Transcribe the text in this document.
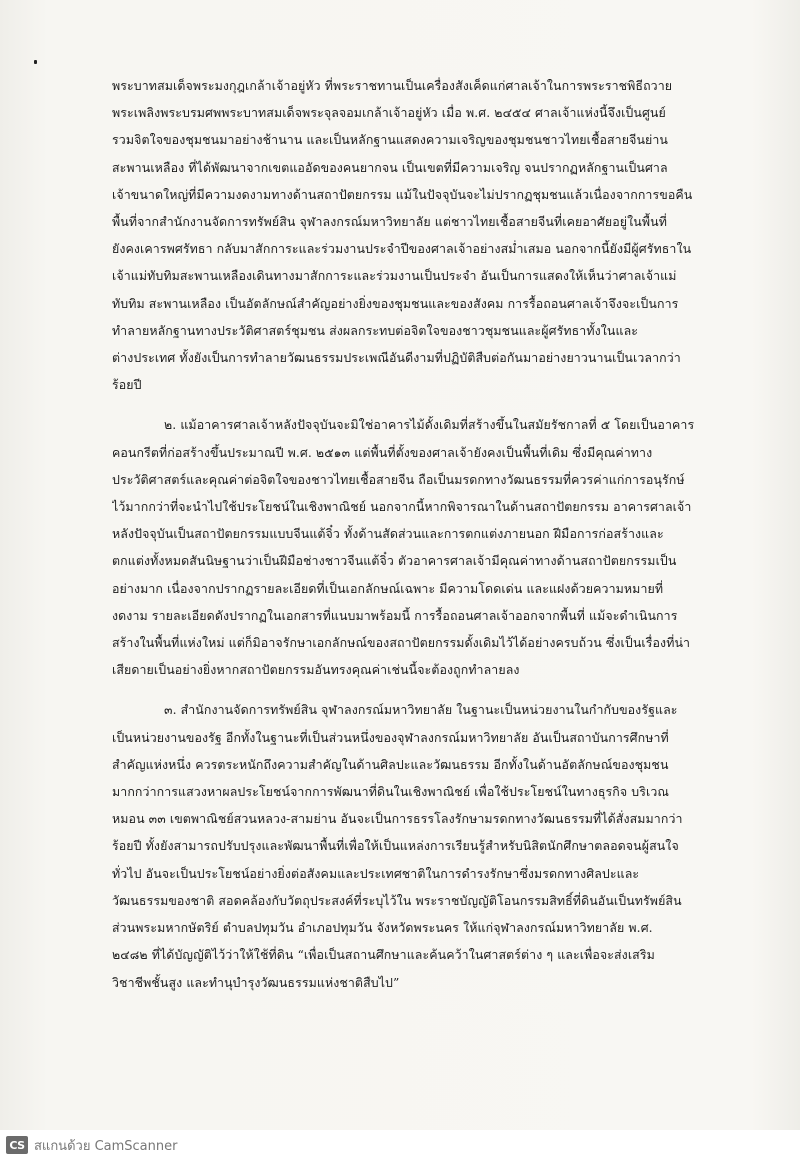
พระบาทสมเด็จพระมงกุฎเกล้าเจ้าอยู่หัว ที่พระราชทานเป็นเครื่องสังเค็ดแก่ศาลเจ้าในการพระราชพิธีถวาย
พระเพลิงพระบรมศพพระบาทสมเด็จพระจุลจอมเกล้าเจ้าอยู่หัว เมื่อ พ.ศ. ๒๔๕๔ ศาลเจ้าแห่งนี้จึงเป็นศูนย์
รวมจิตใจของชุมชนมาอย่างช้านาน และเป็นหลักฐานแสดงความเจริญของชุมชนชาวไทยเชื้อสายจีนย่าน
สะพานเหลือง ที่ได้พัฒนาจากเขตแออัดของคนยากจน เป็นเขตที่มีความเจริญ จนปรากฏหลักฐานเป็นศาล
เจ้าขนาดใหญ่ที่มีความงดงามทางด้านสถาปัตยกรรม แม้ในปัจจุบันจะไม่ปรากฏชุมชนแล้วเนื่องจากการขอคืน
พื้นที่จากสำนักงานจัดการทรัพย์สิน จุฬาลงกรณ์มหาวิทยาลัย แต่ชาวไทยเชื้อสายจีนที่เคยอาศัยอยู่ในพื้นที่
ยังคงเคารพศรัทธา กลับมาสักการะและร่วมงานประจำปีของศาลเจ้าอย่างสม่ำเสมอ นอกจากนี้ยังมีผู้ศรัทธาใน
เจ้าแม่ทับทิมสะพานเหลืองเดินทางมาสักการะและร่วมงานเป็นประจำ อันเป็นการแสดงให้เห็นว่าศาลเจ้าแม่
ทับทิม สะพานเหลือง เป็นอัตลักษณ์สำคัญอย่างยิ่งของชุมชนและของสังคม การรื้อถอนศาลเจ้าจึงจะเป็นการ
ทำลายหลักฐานทางประวัติศาสตร์ชุมชน ส่งผลกระทบต่อจิตใจของชาวชุมชนและผู้ศรัทธาทั้งในและ
ต่างประเทศ ทั้งยังเป็นการทำลายวัฒนธรรมประเพณีอันดีงามที่ปฏิบัติสืบต่อกันมาอย่างยาวนานเป็นเวลากว่า
ร้อยปี

๒. แม้อาคารศาลเจ้าหลังปัจจุบันจะมิใช่อาคารไม้ดั้งเดิมที่สร้างขึ้นในสมัยรัชกาลที่ ๕ โดยเป็นอาคาร
คอนกรีตที่ก่อสร้างขึ้นประมาณปี พ.ศ. ๒๕๑๓ แต่พื้นที่ตั้งของศาลเจ้ายังคงเป็นพื้นที่เดิม ซึ่งมีคุณค่าทาง
ประวัติศาสตร์และคุณค่าต่อจิตใจของชาวไทยเชื้อสายจีน ถือเป็นมรดกทางวัฒนธรรมที่ควรค่าแก่การอนุรักษ์
ไว้มากกว่าที่จะนำไปใช้ประโยชน์ในเชิงพาณิชย์ นอกจากนี้หากพิจารณาในด้านสถาปัตยกรรม อาคารศาลเจ้า
หลังปัจจุบันเป็นสถาปัตยกรรมแบบจีนแต้จิ๋ว ทั้งด้านสัดส่วนและการตกแต่งภายนอก ฝีมือการก่อสร้างและ
ตกแต่งทั้งหมดสันนิษฐานว่าเป็นฝีมือช่างชาวจีนแต้จิ๋ว ตัวอาคารศาลเจ้ามีคุณค่าทางด้านสถาปัตยกรรมเป็น
อย่างมาก เนื่องจากปรากฏรายละเอียดที่เป็นเอกลักษณ์เฉพาะ มีความโดดเด่น และแฝงด้วยความหมายที่
งดงาม รายละเอียดดังปรากฏในเอกสารที่แนบมาพร้อมนี้ การรื้อถอนศาลเจ้าออกจากพื้นที่ แม้จะดำเนินการ
สร้างในพื้นที่แห่งใหม่ แต่ก็มิอาจรักษาเอกลักษณ์ของสถาปัตยกรรมดั้งเดิมไว้ได้อย่างครบถ้วน ซึ่งเป็นเรื่องที่น่า
เสียดายเป็นอย่างยิ่งหากสถาปัตยกรรมอันทรงคุณค่าเช่นนี้จะต้องถูกทำลายลง

๓. สำนักงานจัดการทรัพย์สิน จุฬาลงกรณ์มหาวิทยาลัย ในฐานะเป็นหน่วยงานในกำกับของรัฐและ
เป็นหน่วยงานของรัฐ อีกทั้งในฐานะที่เป็นส่วนหนึ่งของจุฬาลงกรณ์มหาวิทยาลัย อันเป็นสถาบันการศึกษาที่
สำคัญแห่งหนึ่ง ควรตระหนักถึงความสำคัญในด้านศิลปะและวัฒนธรรม อีกทั้งในด้านอัตลักษณ์ของชุมชน
มากกว่าการแสวงหาผลประโยชน์จากการพัฒนาที่ดินในเชิงพาณิชย์ เพื่อใช้ประโยชน์ในทางธุรกิจ บริเวณ
หมอน ๓๓ เขตพาณิชย์สวนหลวง-สามย่าน อันจะเป็นการธรรโลงรักษามรดกทางวัฒนธรรมที่ได้สั่งสมมากว่า
ร้อยปี ทั้งยังสามารถปรับปรุงและพัฒนาพื้นที่เพื่อให้เป็นแหล่งการเรียนรู้สำหรับนิสิตนักศึกษาตลอดจนผู้สนใจ
ทั่วไป อันจะเป็นประโยชน์อย่างยิ่งต่อสังคมและประเทศชาติในการดำรงรักษาซึ่งมรดกทางศิลปะและ
วัฒนธรรมของชาติ สอดคล้องกับวัตถุประสงค์ที่ระบุไว้ใน พระราชบัญญัติโอนกรรมสิทธิ์ที่ดินอันเป็นทรัพย์สิน
ส่วนพระมหากษัตริย์ ตำบลปทุมวัน อำเภอปทุมวัน จังหวัดพระนคร ให้แก่จุฬาลงกรณ์มหาวิทยาลัย พ.ศ.
๒๔๘๒ ที่ได้บัญญัติไว้ว่าให้ใช้ที่ดิน “เพื่อเป็นสถานศึกษาและค้นคว้าในศาสตร์ต่าง ๆ และเพื่อจะส่งเสริม
วิชาชีพชั้นสูง และทำนุบำรุงวัฒนธรรมแห่งชาติสืบไป”

CS สแกนด้วย CamScanner
